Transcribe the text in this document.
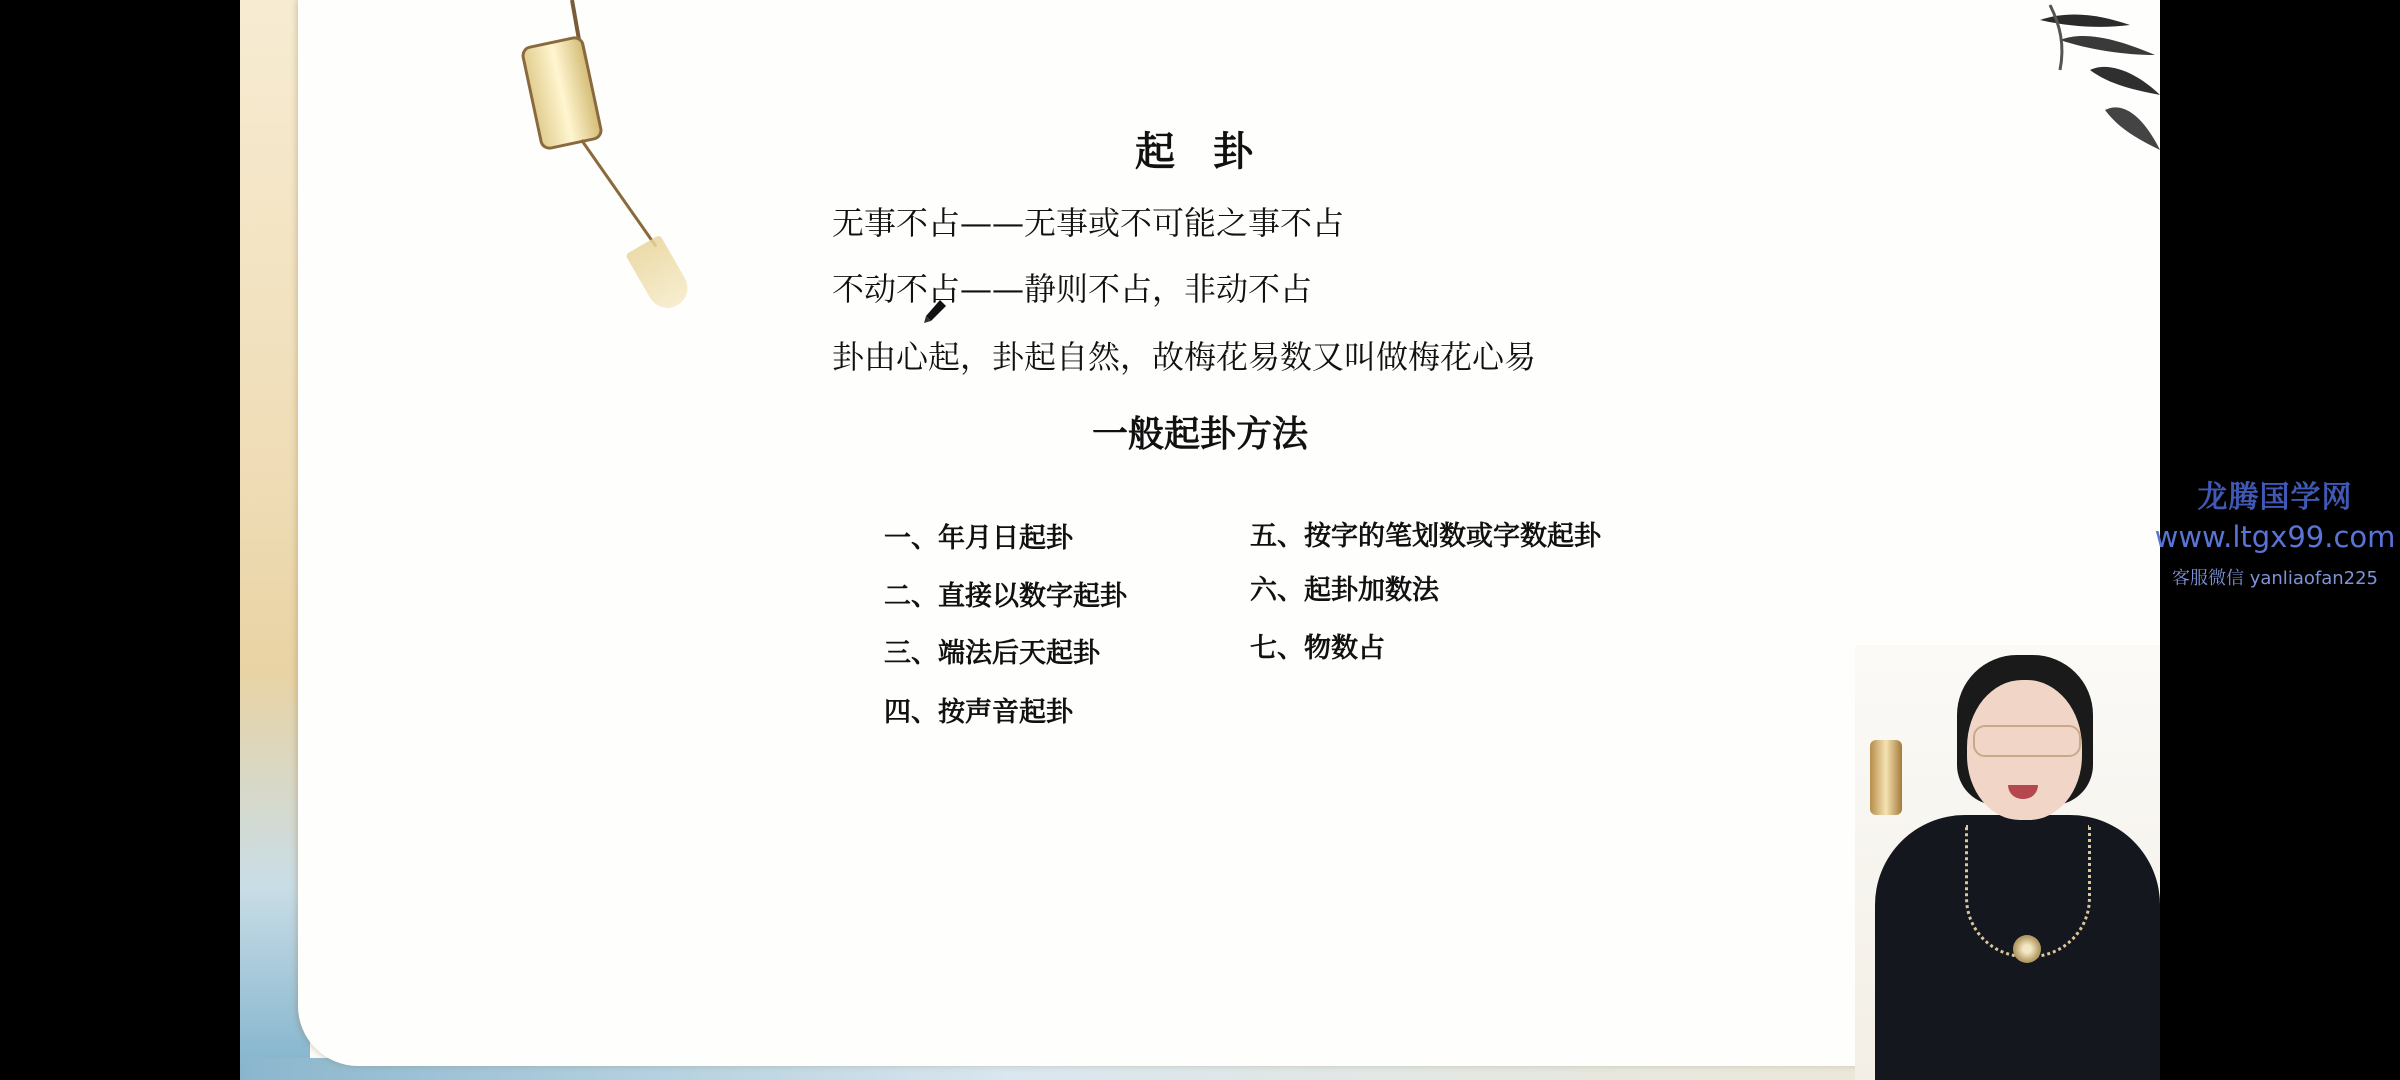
起 卦
无事不占——无事或不可能之事不占
不动不占——静则不占，非动不占
卦由心起，卦起自然，故梅花易数又叫做梅花心易
一般起卦方法
一、年月日起卦
二、直接以数字起卦
三、端法后天起卦
四、按声音起卦
五、按字的笔划数或字数起卦
六、起卦加数法
七、物数占
龙腾国学网
www.ltgx99.com
客服微信 yanliaofan225
